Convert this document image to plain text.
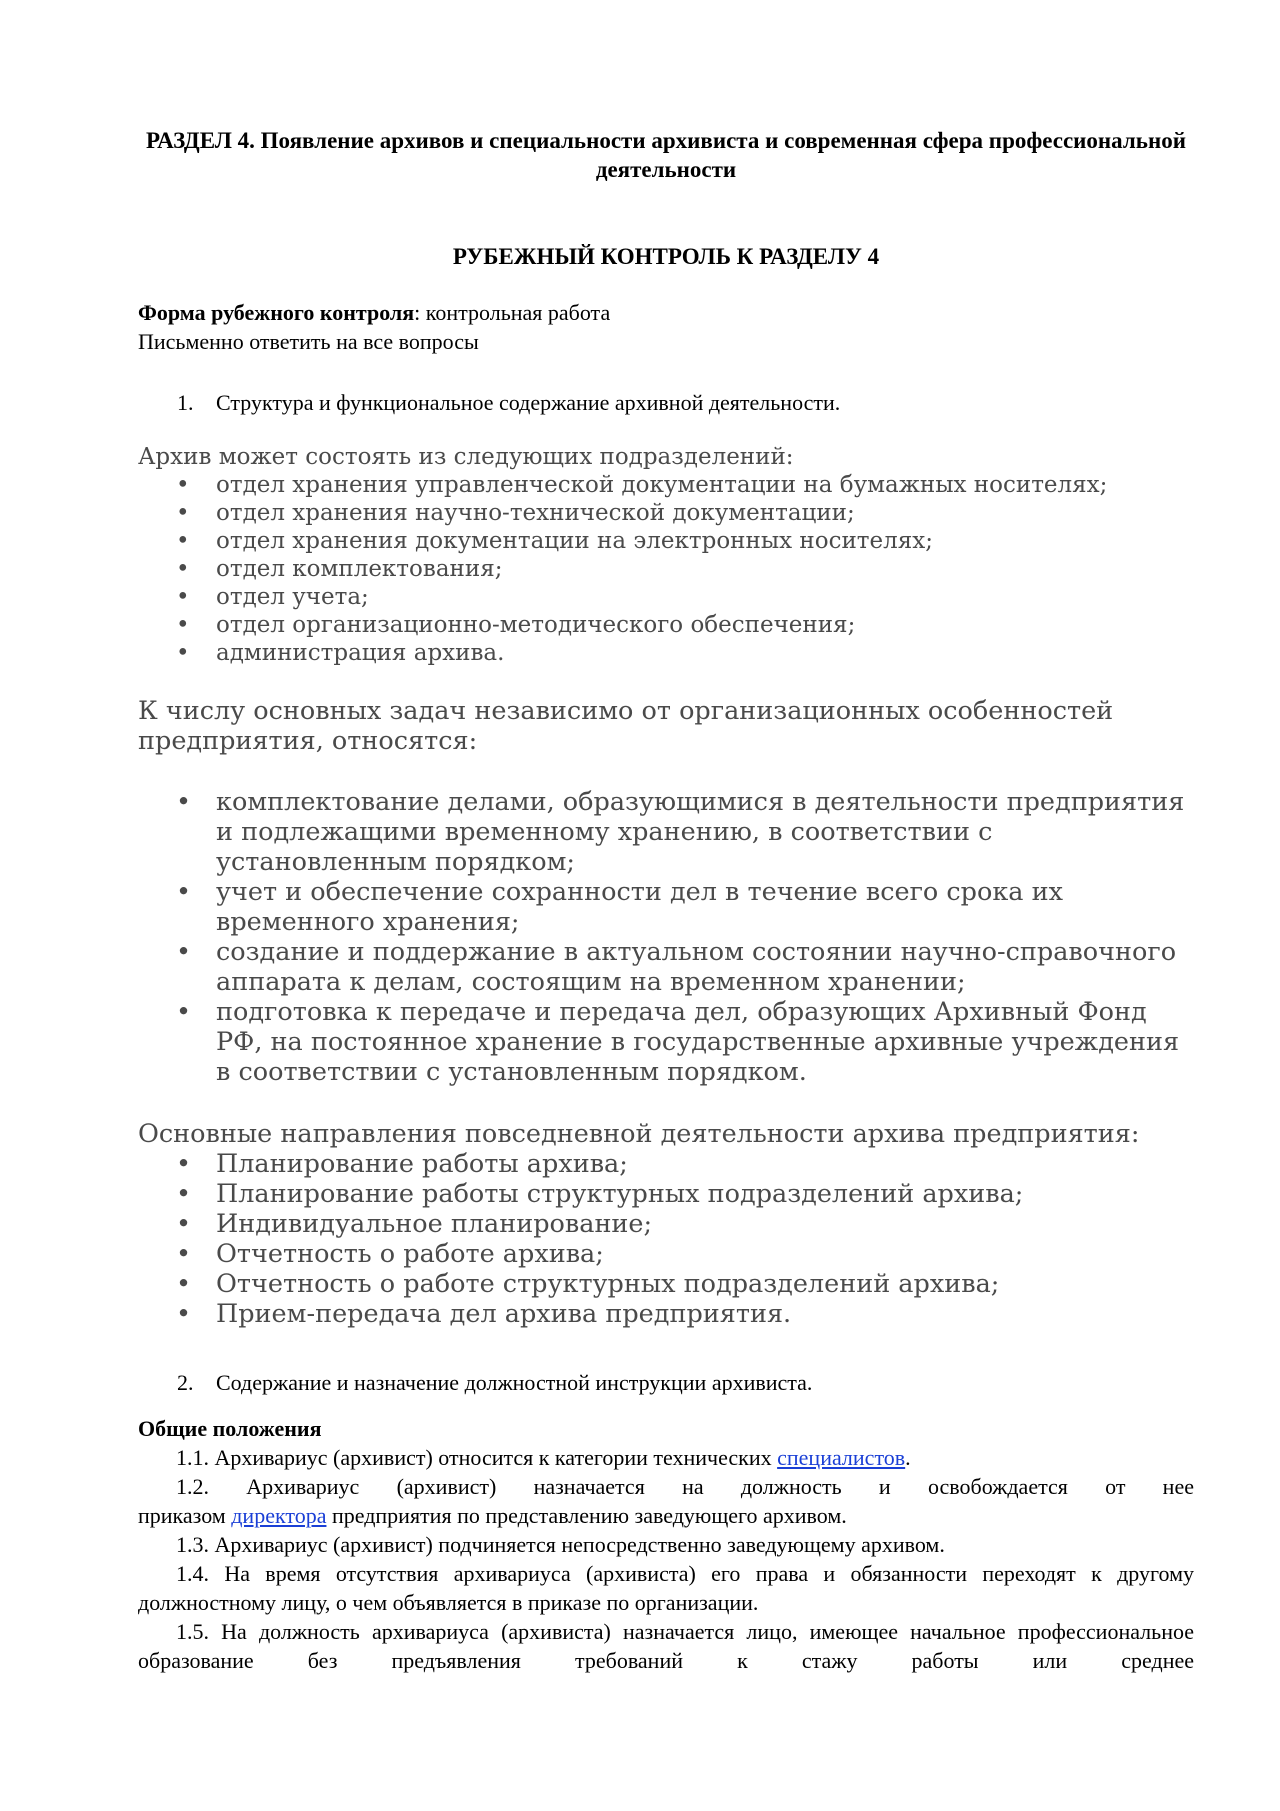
РАЗДЕЛ 4. Появление архивов и специальности архивиста и современная сфера профессиональной деятельности
РУБЕЖНЫЙ КОНТРОЛЬ К РАЗДЕЛУ 4
Форма рубежного контроля: контрольная работа
Письменно ответить на все вопросы
1. Структура и функциональное содержание архивной деятельности.
Архив может состоять из следующих подразделений:
• отдел хранения управленческой документации на бумажных носителях;
• отдел хранения научно-технической документации;
• отдел хранения документации на электронных носителях;
• отдел комплектования;
• отдел учета;
• отдел организационно-методического обеспечения;
• администрация архива.
К числу основных задач независимо от организационных особенностей предприятия, относятся:
• комплектование делами, образующимися в деятельности предприятия и подлежащими временному хранению, в соответствии с установленным порядком;
• учет и обеспечение сохранности дел в течение всего срока их временного хранения;
• создание и поддержание в актуальном состоянии научно-справочного аппарата к делам, состоящим на временном хранении;
• подготовка к передаче и передача дел, образующих Архивный Фонд РФ, на постоянное хранение в государственные архивные учреждения в соответствии с установленным порядком.
Основные направления повседневной деятельности архива предприятия:
• Планирование работы архива;
• Планирование работы структурных подразделений архива;
• Индивидуальное планирование;
• Отчетность о работе архива;
• Отчетность о работе структурных подразделений архива;
• Прием-передача дел архива предприятия.
2. Содержание и назначение должностной инструкции архивиста.
Общие положения
1.1. Архивариус (архивист) относится к категории технических специалистов.
1.2. Архивариус (архивист) назначается на должность и освобождается от нее
приказом директора предприятия по представлению заведующего архивом.
1.3. Архивариус (архивист) подчиняется непосредственно заведующему архивом.
1.4. На время отсутствия архивариуса (архивиста) его права и обязанности переходят к другому должностному лицу, о чем объявляется в приказе по организации.
1.5. На должность архивариуса (архивиста) назначается лицо, имеющее начальное профессиональное образование без предъявления требований к стажу работы или среднее
